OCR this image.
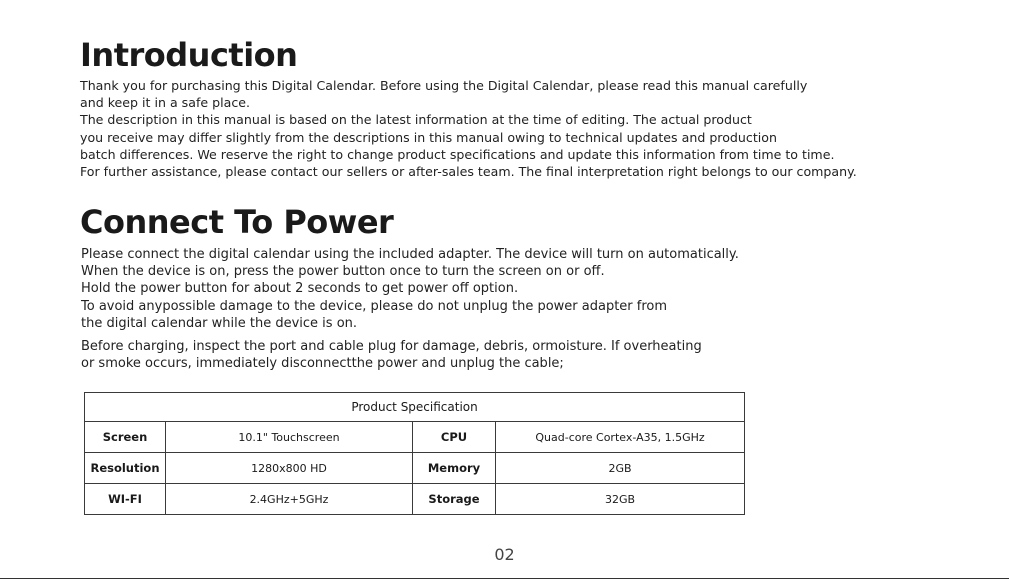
Introduction

Thank you for purchasing this Digital Calendar. Before using the Digital Calendar, please read this manual carefully
and keep it in a safe place.
The description in this manual is based on the latest information at the time of editing. The actual product
you receive may differ slightly from the descriptions in this manual owing to technical updates and production
batch differences. We reserve the right to change product specifications and update this information from time to time.
For further assistance, please contact our sellers or after-sales team. The final interpretation right belongs to our company.

Connect To Power

Please connect the digital calendar using the included adapter. The device will turn on automatically.
When the device is on, press the power button once to turn the screen on or off.
Hold the power button for about 2 seconds to get power off option.
To avoid anypossible damage to the device, please do not unplug the power adapter from
the digital calendar while the device is on.

Before charging, inspect the port and cable plug for damage, debris, ormoisture. If overheating
or smoke occurs, immediately disconnectthe power and unplug the cable;

Product Specification			
Screen	10.1" Touchscreen	CPU	Quad-core Cortex-A35, 1.5GHz
Resolution	1280x800 HD	Memory	2GB
WI-FI	2.4GHz+5GHz	Storage	32GB
02
